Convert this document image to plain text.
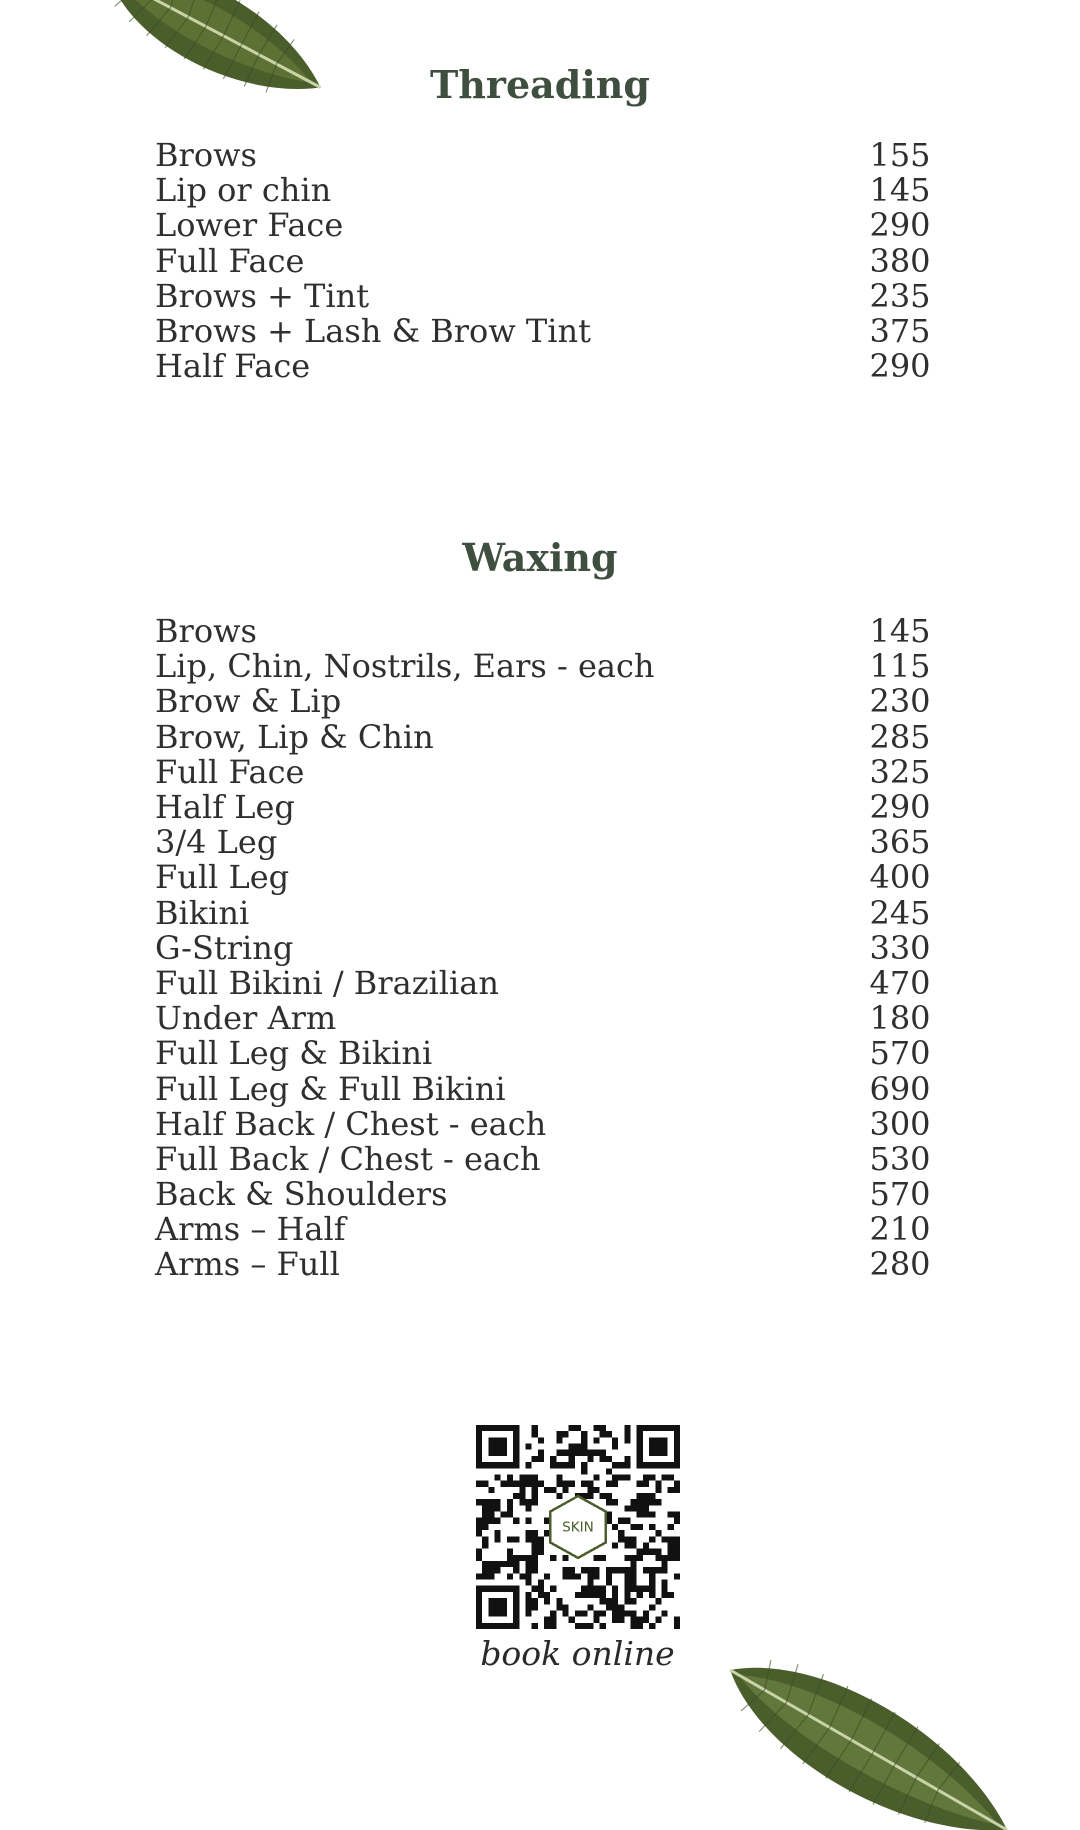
Threading
Brows	155
Lip or chin	145
Lower Face	290
Full Face	380
Brows + Tint	235
Brows + Lash & Brow Tint	375
Half Face	290
Waxing
Brows	145
Lip, Chin, Nostrils, Ears - each	115
Brow & Lip	230
Brow, Lip & Chin	285
Full Face	325
Half Leg	290
3/4 Leg	365
Full Leg	400
Bikini	245
G-String	330
Full Bikini / Brazilian	470
Under Arm	180
Full Leg & Bikini	570
Full Leg & Full Bikini	690
Half Back / Chest - each	300
Full Back / Chest - each	530
Back & Shoulders	570
Arms – Half	210
Arms – Full	280
SKIN
book online
